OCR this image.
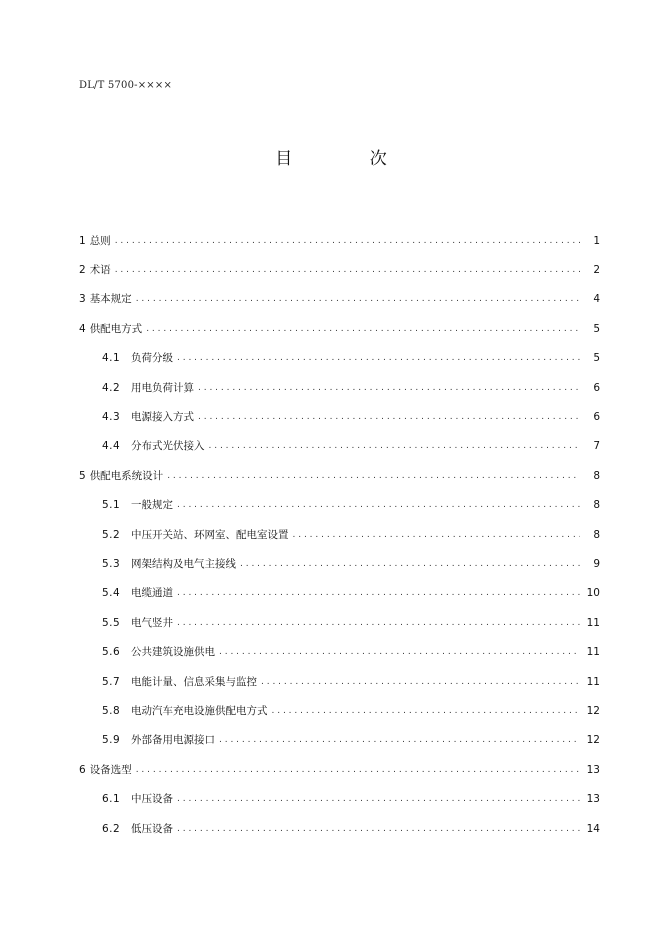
DL/T 5700-××××
目 次
1 总则 . . .	1
2 术语 . . .	2
3 基本规定 . . .	4
4 供配电方式 . . .	5
4.1 负荷分级 . . .	5
4.2 用电负荷计算 . . .	6
4.3 电源接入方式 . . .	6
4.4 分布式光伏接入 . . .	7
5 供配电系统设计 . . .	8
5.1 一般规定 . . .	8
5.2 中压开关站、环网室、配电室设置 . . .	8
5.3 网架结构及电气主接线 . . .	9
5.4 电缆通道 . . .	10
5.5 电气竖井 . . .	11
5.6 公共建筑设施供电 . . .	11
5.7 电能计量、信息采集与监控 . . .	11
5.8 电动汽车充电设施供配电方式 . . .	12
5.9 外部备用电源接口 . . .	12
6 设备选型 . . .	13
6.1 中压设备 . . .	13
6.2 低压设备 . . .	14
